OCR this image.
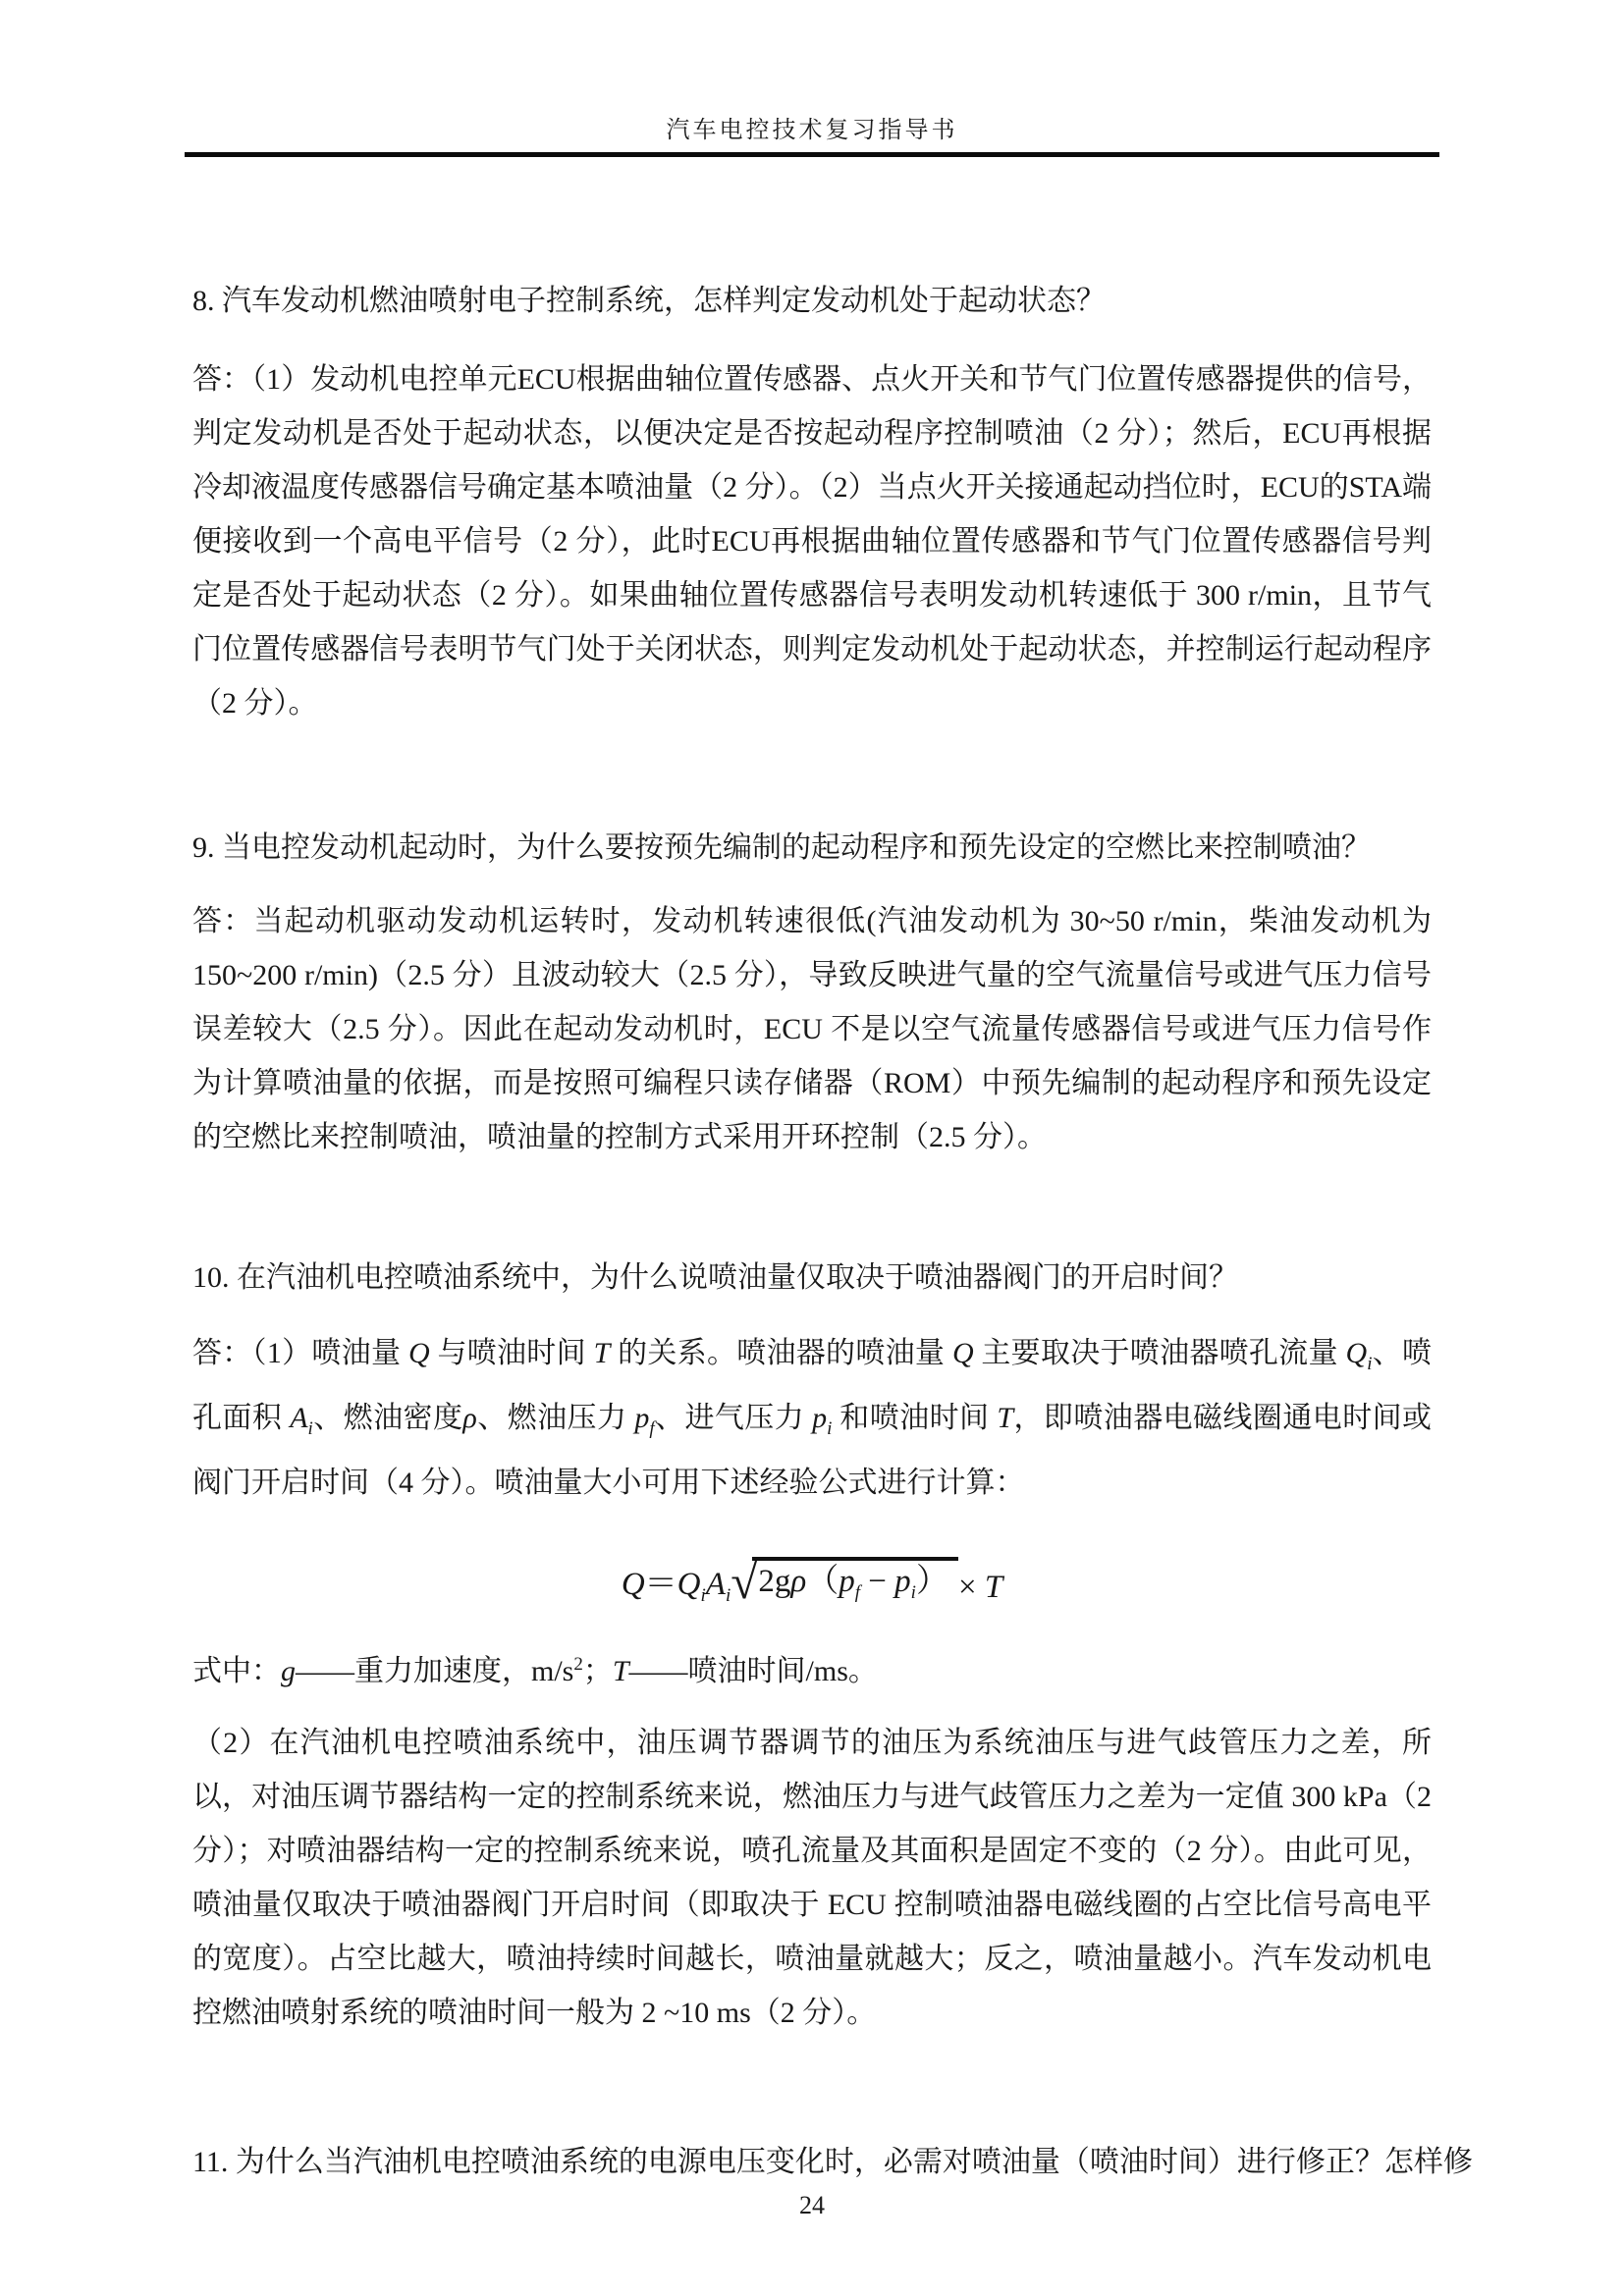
汽车电控技术复习指导书
8. 汽车发动机燃油喷射电子控制系统，怎样判定发动机处于起动状态？
答：（1）发动机电控单元ECU根据曲轴位置传感器、点火开关和节气门位置传感器提供的信号，判定发动机是否处于起动状态，以便决定是否按起动程序控制喷油（2 分）；然后，ECU再根据冷却液温度传感器信号确定基本喷油量（2 分）。（2）当点火开关接通起动挡位时，ECU的STA端便接收到一个高电平信号（2 分），此时ECU再根据曲轴位置传感器和节气门位置传感器信号判定是否处于起动状态（2 分）。如果曲轴位置传感器信号表明发动机转速低于 300 r/min，且节气门位置传感器信号表明节气门处于关闭状态，则判定发动机处于起动状态，并控制运行起动程序（2 分）。
9. 当电控发动机起动时，为什么要按预先编制的起动程序和预先设定的空燃比来控制喷油？
答：当起动机驱动发动机运转时，发动机转速很低(汽油发动机为 30~50 r/min，柴油发动机为 150~200 r/min)（2.5 分）且波动较大（2.5 分），导致反映进气量的空气流量信号或进气压力信号误差较大（2.5 分）。因此在起动发动机时，ECU 不是以空气流量传感器信号或进气压力信号作为计算喷油量的依据，而是按照可编程只读存储器（ROM）中预先编制的起动程序和预先设定的空燃比来控制喷油，喷油量的控制方式采用开环控制（2.5 分）。
10. 在汽油机电控喷油系统中，为什么说喷油量仅取决于喷油器阀门的开启时间？
答：（1）喷油量 Q 与喷油时间 T 的关系。喷油器的喷油量 Q 主要取决于喷油器喷孔流量 $Q_i$、喷孔面积 $A_i$、燃油密度ρ、燃油压力 $p_f$、进气压力 $p_i$ 和喷油时间 T，即喷油器电磁线圈通电时间或阀门开启时间（4 分）。喷油量大小可用下述经验公式进行计算：
$Q=Q_iA_i$ $√2g\rho(p_f - p_i) \times T$
式中：g——重力加速度，$m/s^2$；T——喷油时间/ms。
（2）在汽油机电控喷油系统中，油压调节器调节的油压为系统油压与进气歧管压力之差，所以，对油压调节器结构一定的控制系统来说，燃油压力与进气歧管压力之差为一定值 300 kPa（2 分）；对喷油器结构一定的控制系统来说，喷孔流量及其面积是固定不变的（2 分）。由此可见，喷油量仅取决于喷油器阀门开启时间（即取决于 ECU 控制喷油器电磁线圈的占空比信号高电平的宽度）。占空比越大，喷油持续时间越长，喷油量就越大；反之，喷油量越小。汽车发动机电控燃油喷射系统的喷油时间一般为 2 ~10 ms（2 分）。
11. 为什么当汽油机电控喷油系统的电源电压变化时，必需对喷油量（喷油时间）进行修正？怎样修
24
